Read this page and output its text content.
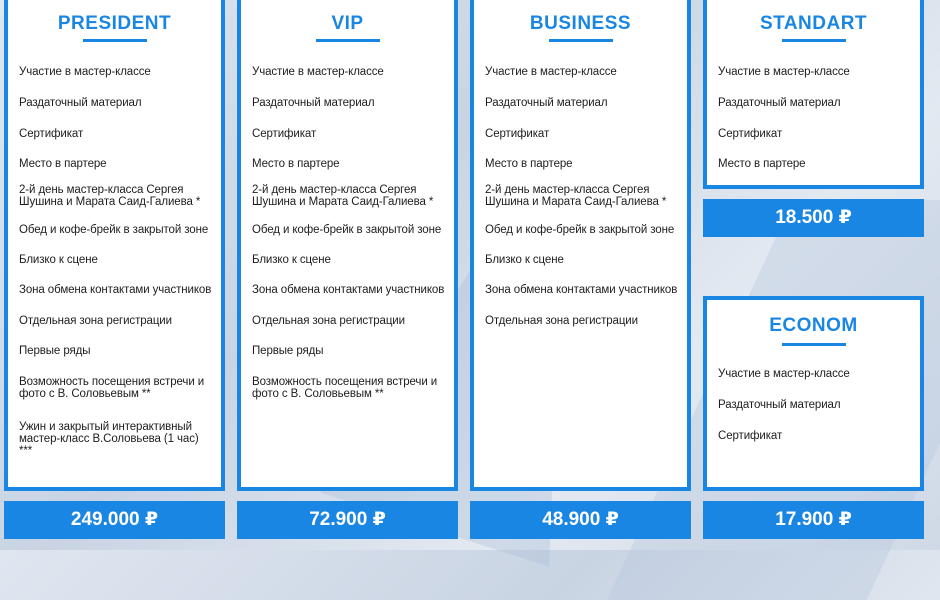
PRESIDENT
Участие в мастер-классе
Раздаточный материал
Сертификат
Место в партере
2-й день мастер-класса Сергея Шушина и Марата Саид-Галиева *
Обед и кофе-брейк в закрытой зоне
Близко к сцене
Зона обмена контактами участников
Отдельная зона регистрации
Первые ряды
Возможность посещения встречи и фото с В. Соловьевым **
Ужин и закрытый интерактивный мастер-класс В.Соловьева (1 час) ***
249.000 ₽
VIP
Участие в мастер-классе
Раздаточный материал
Сертификат
Место в партере
2-й день мастер-класса Сергея Шушина и Марата Саид-Галиева *
Обед и кофе-брейк в закрытой зоне
Близко к сцене
Зона обмена контактами участников
Отдельная зона регистрации
Первые ряды
Возможность посещения встречи и фото с В. Соловьевым **
72.900 ₽
BUSINESS
Участие в мастер-классе
Раздаточный материал
Сертификат
Место в партере
2-й день мастер-класса Сергея Шушина и Марата Саид-Галиева *
Обед и кофе-брейк в закрытой зоне
Близко к сцене
Зона обмена контактами участников
Отдельная зона регистрации
48.900 ₽
STANDART
Участие в мастер-классе
Раздаточный материал
Сертификат
Место в партере
18.500 ₽
ECONOM
Участие в мастер-классе
Раздаточный материал
Сертификат
17.900 ₽
